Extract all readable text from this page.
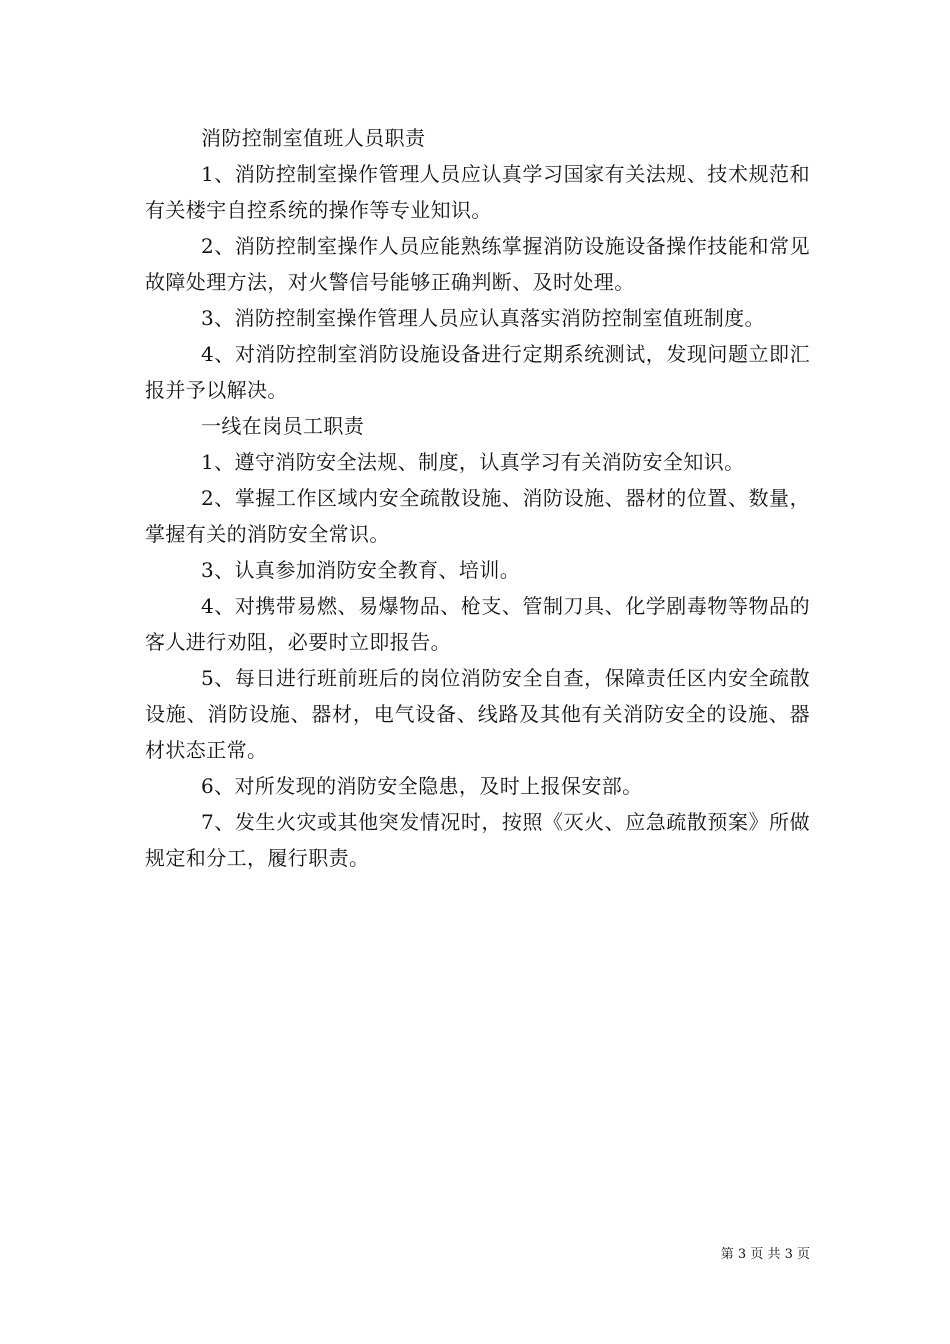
消防控制室值班人员职责

1、消防控制室操作管理人员应认真学习国家有关法规、技术规范和有关楼宇自控系统的操作等专业知识。

2、消防控制室操作人员应能熟练掌握消防设施设备操作技能和常见故障处理方法，对火警信号能够正确判断、及时处理。

3、消防控制室操作管理人员应认真落实消防控制室值班制度。

4、对消防控制室消防设施设备进行定期系统测试，发现问题立即汇报并予以解决。

一线在岗员工职责

1、遵守消防安全法规、制度，认真学习有关消防安全知识。

2、掌握工作区域内安全疏散设施、消防设施、器材的位置、数量，掌握有关的消防安全常识。

3、认真参加消防安全教育、培训。

4、对携带易燃、易爆物品、枪支、管制刀具、化学剧毒物等物品的客人进行劝阻，必要时立即报告。

5、每日进行班前班后的岗位消防安全自查，保障责任区内安全疏散设施、消防设施、器材，电气设备、线路及其他有关消防安全的设施、器材状态正常。

6、对所发现的消防安全隐患，及时上报保安部。

7、发生火灾或其他突发情况时，按照《灭火、应急疏散预案》所做规定和分工，履行职责。

第 3 页 共 3 页
